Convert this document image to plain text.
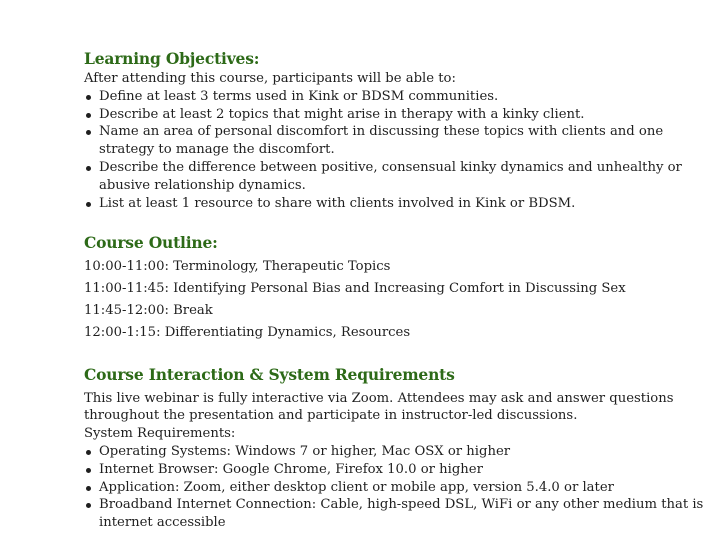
Learning Objectives:
After attending this course, participants will be able to:
Define at least 3 terms used in Kink or BDSM communities.
Describe at least 2 topics that might arise in therapy with a kinky client.
Name an area of personal discomfort in discussing these topics with clients and one strategy to manage the discomfort.
Describe the difference between positive, consensual kinky dynamics and unhealthy or abusive relationship dynamics.
List at least 1 resource to share with clients involved in Kink or BDSM.
Course Outline:
10:00-11:00: Terminology, Therapeutic Topics
11:00-11:45: Identifying Personal Bias and Increasing Comfort in Discussing Sex
11:45-12:00: Break
12:00-1:15: Differentiating Dynamics, Resources
Course Interaction & System Requirements
This live webinar is fully interactive via Zoom. Attendees may ask and answer questions throughout the presentation and participate in instructor-led discussions.
System Requirements:
Operating Systems: Windows 7 or higher, Mac OSX or higher
Internet Browser: Google Chrome, Firefox 10.0 or higher
Application: Zoom, either desktop client or mobile app, version 5.4.0 or later
Broadband Internet Connection: Cable, high-speed DSL, WiFi or any other medium that is internet accessible
